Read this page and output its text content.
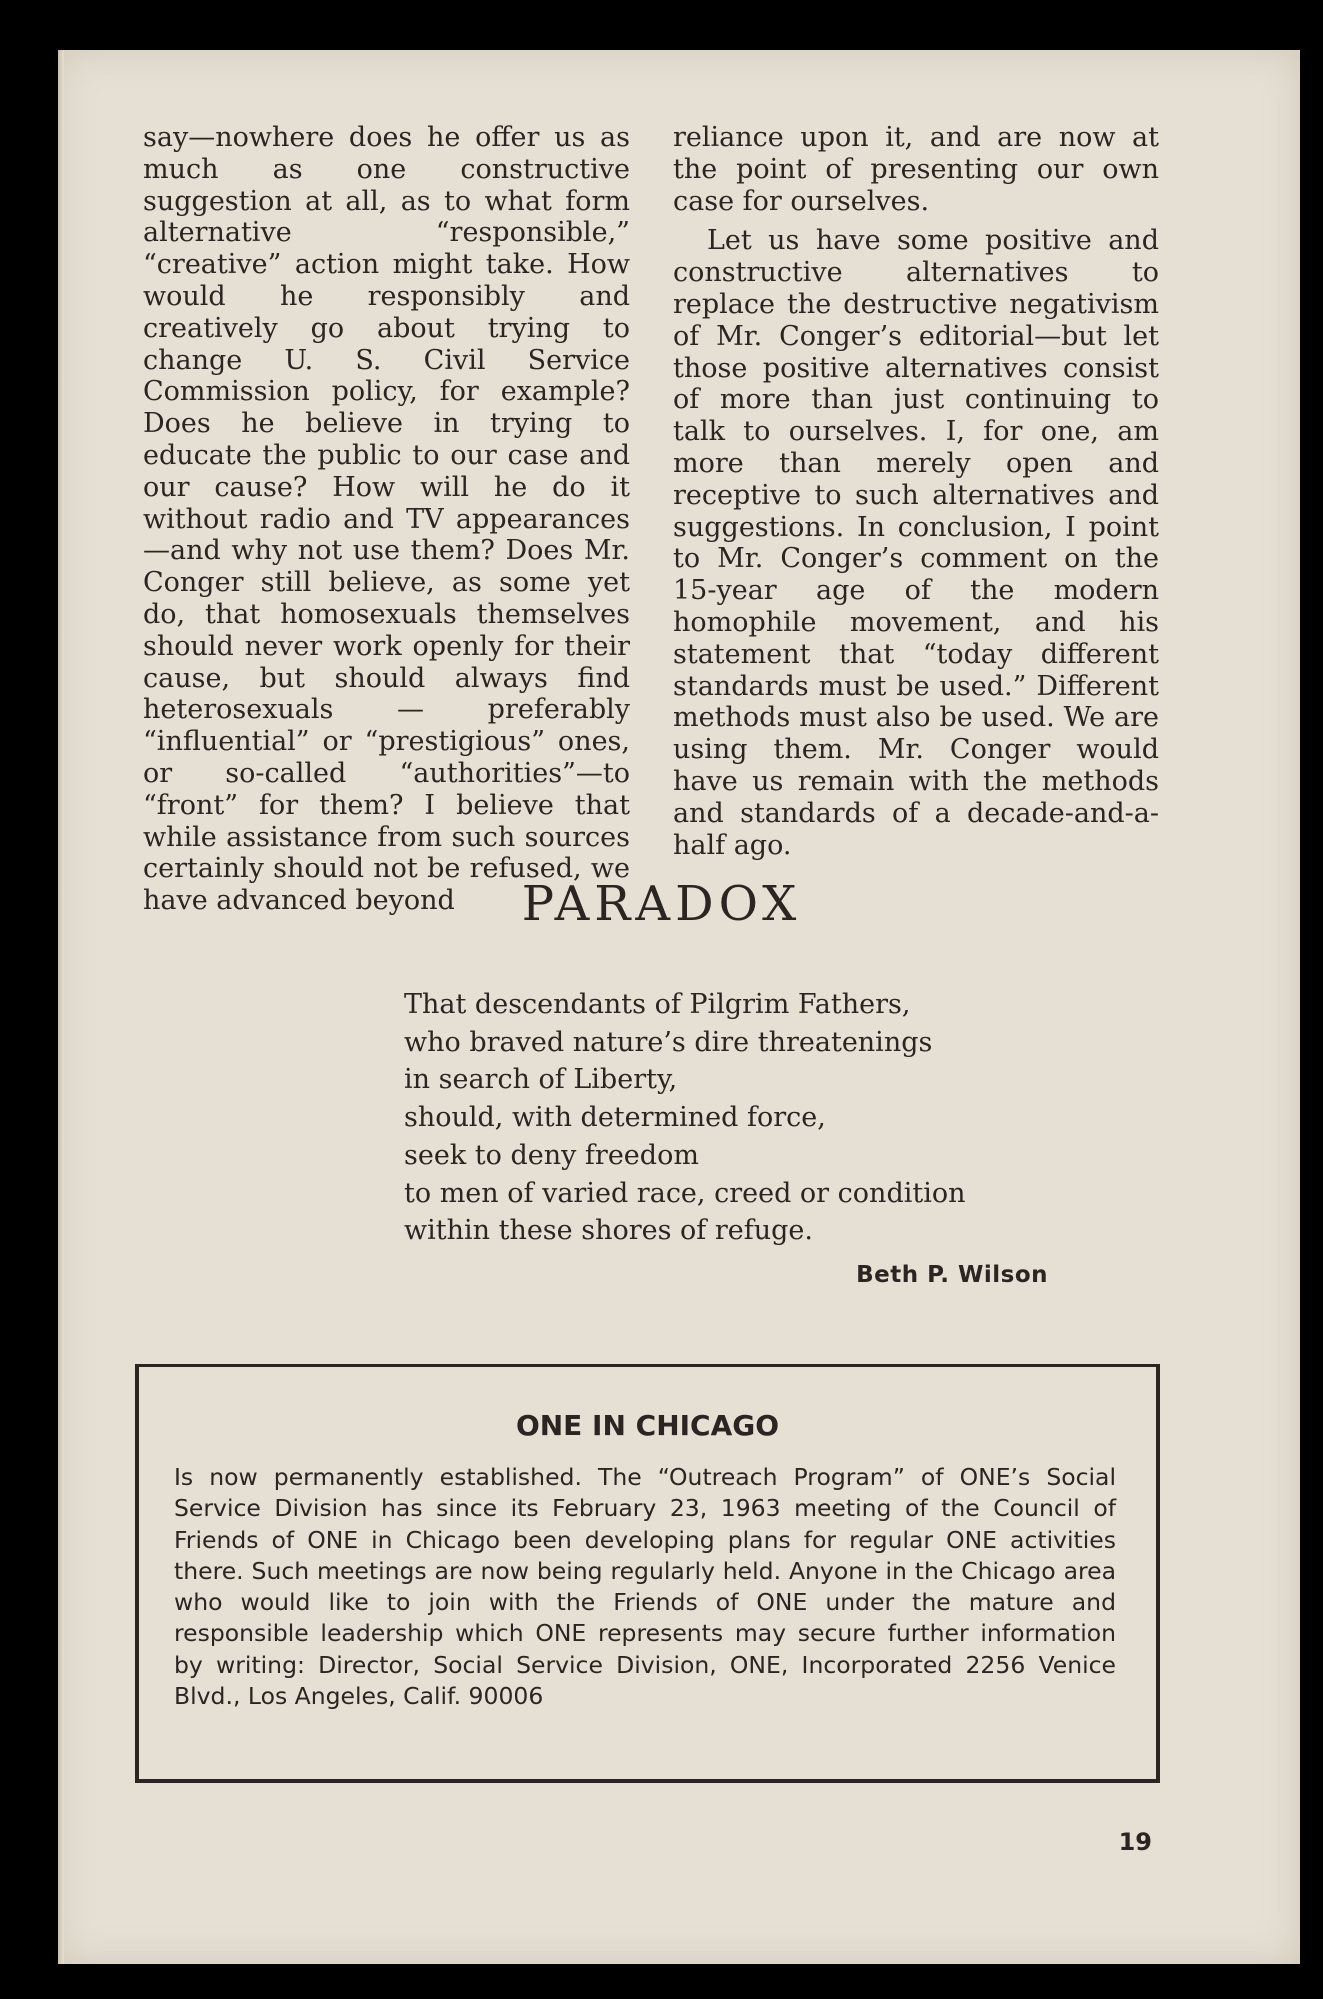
say—nowhere does he offer us as much as one constructive suggestion at all, as to what form alternative “responsible,” “creative” action might take. How would he responsibly and creatively go about trying to change U. S. Civil Service Commission policy, for example? Does he believe in trying to educate the public to our case and our cause? How will he do it without radio and TV appearances—and why not use them? Does Mr. Conger still believe, as some yet do, that homosexuals themselves should never work openly for their cause, but should always find heterosexuals — preferably “influential” or “prestigious” ones, or so-called “authorities”—to “front” for them? I believe that while assistance from such sources certainly should not be refused, we have advanced beyond

reliance upon it, and are now at the point of presenting our own case for ourselves.

Let us have some positive and constructive alternatives to replace the destructive negativism of Mr. Conger’s editorial—but let those positive alternatives consist of more than just continuing to talk to ourselves. I, for one, am more than merely open and receptive to such alternatives and suggestions. In conclusion, I point to Mr. Conger’s comment on the 15-year age of the modern homophile movement, and his statement that “today different standards must be used.” Different methods must also be used. We are using them. Mr. Conger would have us remain with the methods and standards of a decade-and-a-half ago.

PARADOX
That descendants of Pilgrim Fathers,
who braved nature’s dire threatenings
in search of Liberty,
should, with determined force,
seek to deny freedom
to men of varied race, creed or condition
within these shores of refuge.
Beth P. Wilson
ONE IN CHICAGO

Is now permanently established. The “Outreach Program” of ONE’s Social Service Division has since its February 23, 1963 meeting of the Council of Friends of ONE in Chicago been developing plans for regular ONE activities there. Such meetings are now being regularly held. Anyone in the Chicago area who would like to join with the Friends of ONE under the mature and responsible leadership which ONE represents may secure further information by writing: Director, Social Service Division, ONE, Incorporated 2256 Venice Blvd., Los Angeles, Calif. 90006

19
